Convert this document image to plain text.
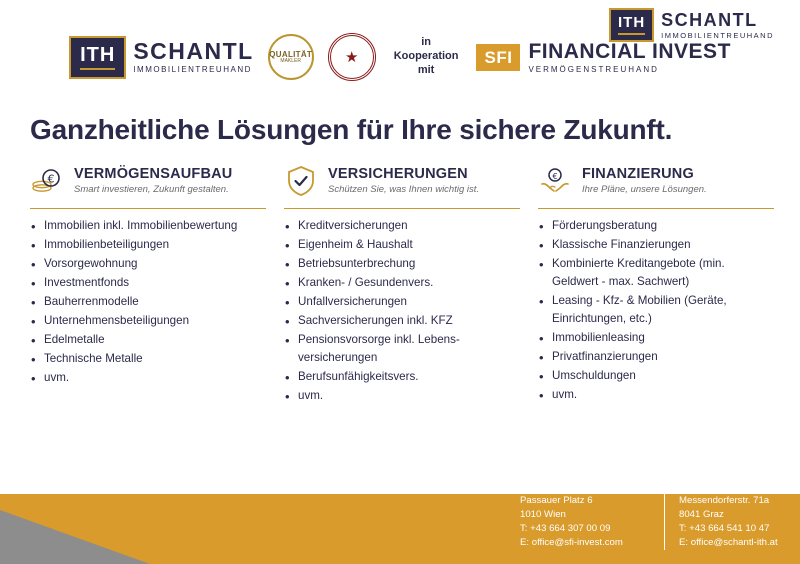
ITH SCHANTL
IMMOBILIENTREUHAND
ITH SCHANTL
IMMOBILIENTREUHAND
QUALITÄT
MAKLER	★
in
Kooperation
mit
SFI FINANCIAL INVEST
VERMÖGENSTREUHAND
Ganzheitliche Lösungen für Ihre sichere Zukunft.
€ VERMÖGENSAUFBAU
Smart investieren, Zukunft gestalten.
• Immobilien inkl. Immobilienbewertung
• Immobilienbeteiligungen
• Vorsorgewohnung
• Investmentfonds
• Bauherrenmodelle
• Unternehmensbeteiligungen
• Edelmetalle
• Technische Metalle
• uvm.
VERSICHERUNGEN
Schützen Sie, was Ihnen wichtig ist.
• Kreditversicherungen
• Eigenheim & Haushalt
• Betriebsunterbrechung
• Kranken- / Gesundenvers.
• Unfallversicherungen
• Sachversicherungen inkl. KFZ
• Pensionsvorsorge inkl. Lebens-versicherungen
• Berufsunfähigkeitsvers.
• uvm.
€ FINANZIERUNG
Ihre Pläne, unsere Lösungen.
• Förderungsberatung
• Klassische Finanzierungen
• Kombinierte Kreditangebote (min. Geldwert - max. Sachwert)
• Leasing - Kfz- & Mobilien (Geräte, Einrichtungen, etc.)
• Immobilienleasing
• Privatfinanzierungen
• Umschuldungen
• uvm.
Office Wien:
Passauer Platz 6
1010 Wien
T: +43 664 307 00 09
E: office@sfi-invest.com
Office Graz:
Messendorferstr. 71a
8041 Graz
T: +43 664 541 10 47
E: office@schantl-ith.at
